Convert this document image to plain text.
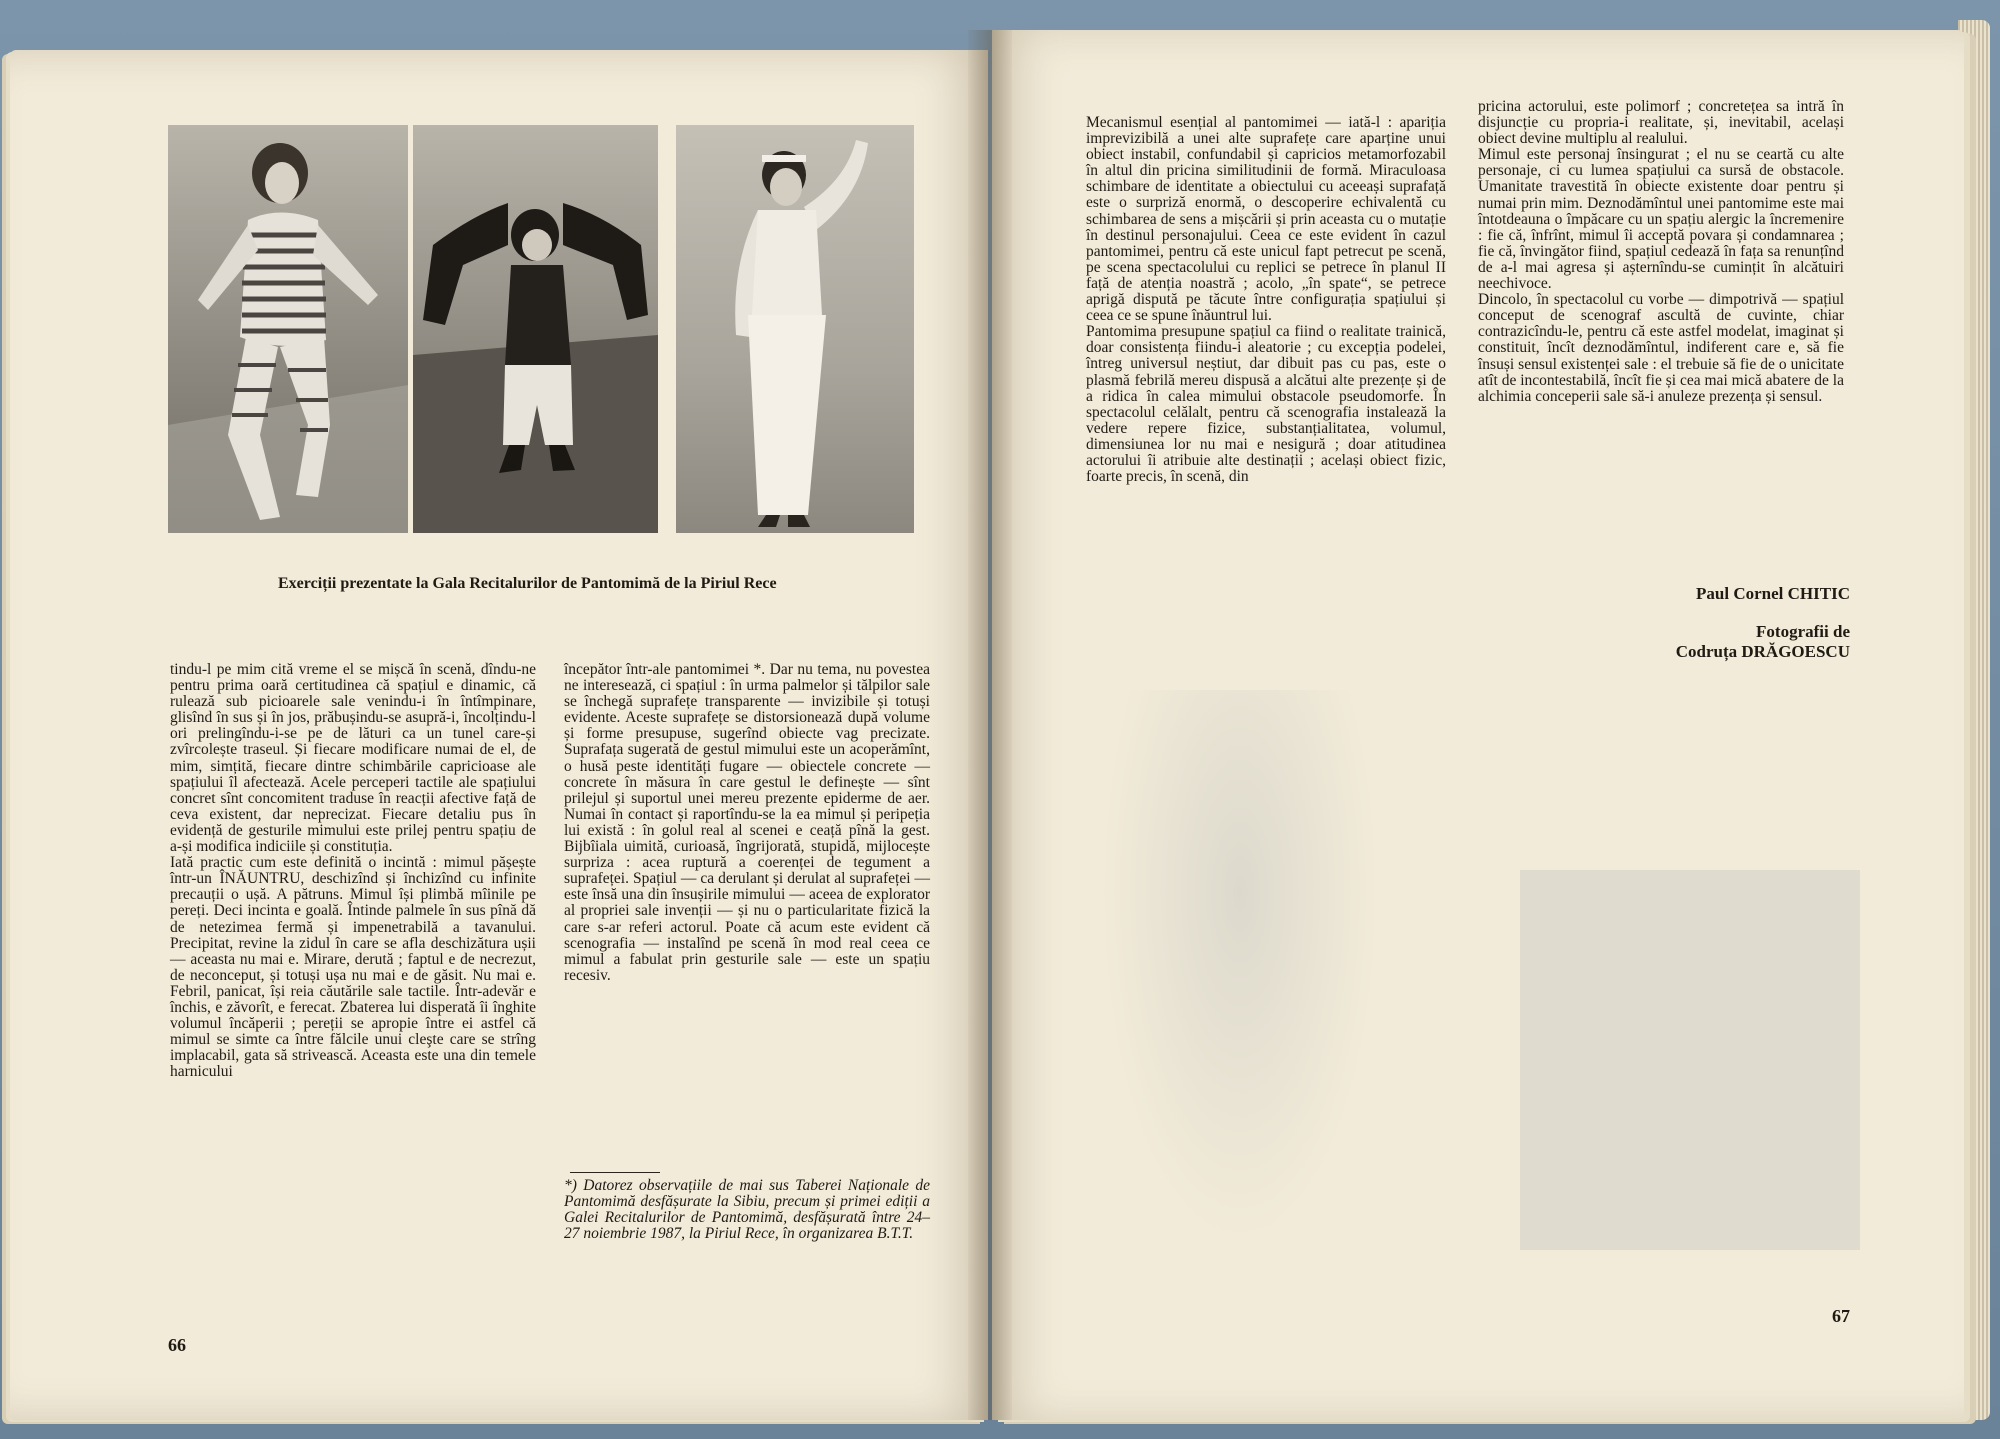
Exerciții prezentate la Gala Recitalurilor de Pantomimă de la Piriul Rece
tindu-l pe mim cită vreme el se mișcă în scenă, dîndu-ne pentru prima oară certitudinea că spațiul e dinamic, că rulează sub picioarele sale venindu-i în întîmpinare, glisînd în sus și în jos, prăbușindu-se asupră-i, încolțindu-l ori prelingîndu-i-se pe de lături ca un tunel care-și zvîrcolește traseul. Și fiecare modificare numai de el, de mim, simțită, fiecare dintre schimbările capricioase ale spațiului îl afectează. Acele perceperi tactile ale spațiului concret sînt concomitent traduse în reacții afective față de ceva existent, dar neprecizat. Fiecare detaliu pus în evidență de gesturile mimului este prilej pentru spațiu de a-și modifica indiciile și constituția.
Iată practic cum este definită o incintă : mimul pășește într-un ÎNĂUNTRU, deschizînd și închizînd cu infinite precauții o ușă. A pătruns. Mimul își plimbă mîinile pe pereți. Deci incinta e goală. Întinde palmele în sus pînă dă de netezimea fermă și impenetrabilă a tavanului. Precipitat, revine la zidul în care se afla deschizătura ușii — aceasta nu mai e. Mirare, derută ; faptul e de necrezut, de neconceput, și totuși ușa nu mai e de găsit. Nu mai e. Febril, panicat, își reia căutările sale tactile. Într-adevăr e închis, e zăvorît, e ferecat. Zbaterea lui disperată îi înghite volumul încăperii ; pereții se apropie între ei astfel că mimul se simte ca între fălcile unui cleşte care se strîng implacabil, gata să strivească. Aceasta este una din temele harnicului
începător într-ale pantomimei *. Dar nu tema, nu povestea ne interesează, ci spațiul : în urma palmelor și tălpilor sale se închegă suprafețe transparente — invizibile și totuși evidente. Aceste suprafețe se distorsionează după volume și forme presupuse, sugerînd obiecte vag precizate. Suprafața sugerată de gestul mimului este un acoperămînt, o husă peste identități fugare — obiectele concrete — concrete în măsura în care gestul le definește — sînt prilejul și suportul unei mereu prezente epiderme de aer. Numai în contact și raportîndu-se la ea mimul și peripeția lui există : în golul real al scenei e ceață pînă la gest. Bijbîiala uimită, curioasă, îngrijorată, stupidă, mijlocește surpriza : acea ruptură a coerenței de tegument a suprafeței. Spațiul — ca derulant și derulat al suprafeței — este însă una din însușirile mimului — aceea de explorator al propriei sale invenții — și nu o particularitate fizică la care s-ar referi actorul. Poate că acum este evident că scenografia — instalînd pe scenă în mod real ceea ce mimul a fabulat prin gesturile sale — este un spațiu recesiv.
*) Datorez observațiile de mai sus Taberei Naționale de Pantomimă desfășurate la Sibiu, precum și primei ediții a Galei Recitalurilor de Pantomimă, desfășurată între 24–27 noiembrie 1987, la Piriul Rece, în organizarea B.T.T.
66
Mecanismul esențial al pantomimei — iată-l : apariția imprevizibilă a unei alte suprafețe care aparține unui obiect instabil, confundabil și capricios metamorfozabil în altul din pricina similitudinii de formă. Miraculoasa schimbare de identitate a obiectului cu aceeași suprafață este o surpriză enormă, o descoperire echivalentă cu schimbarea de sens a mișcării și prin aceasta cu o mutație în destinul personajului. Ceea ce este evident în cazul pantomimei, pentru că este unicul fapt petrecut pe scenă, pe scena spectacolului cu replici se petrece în planul II față de atenția noastră ; acolo, „în spate“, se petrece aprigă dispută pe tăcute între configurația spațiului și ceea ce se spune înăuntrul lui.
Pantomima presupune spațiul ca fiind o realitate trainică, doar consistența fiindu-i aleatorie ; cu excepția podelei, întreg universul neștiut, dar dibuit pas cu pas, este o plasmă febrilă mereu dispusă a alcătui alte prezențe și de a ridica în calea mimului obstacole pseudomorfe. În spectacolul celălalt, pentru că scenografia instalează la vedere repere fizice, substanțialitatea, volumul, dimensiunea lor nu mai e nesigură ; doar atitudinea actorului îi atribuie alte destinații ; același obiect fizic, foarte precis, în scenă, din
pricina actorului, este polimorf ; concretețea sa intră în disjuncție cu propria-i realitate, și, inevitabil, același obiect devine multiplu al realului.
Mimul este personaj însingurat ; el nu se ceartă cu alte personaje, ci cu lumea spațiului ca sursă de obstacole. Umanitate travestită în obiecte existente doar pentru și numai prin mim. Deznodămîntul unei pantomime este mai întotdeauna o împăcare cu un spațiu alergic la încremenire : fie că, înfrînt, mimul îi acceptă povara și condamnarea ; fie că, învingător fiind, spațiul cedează în fața sa renunțînd de a-l mai agresa și așternîndu-se cumințit în alcătuiri neechivoce.
Dincolo, în spectacolul cu vorbe — dimpotrivă — spațiul conceput de scenograf ascultă de cuvinte, chiar contrazicîndu-le, pentru că este astfel modelat, imaginat și constituit, încît deznodămîntul, indiferent care e, să fie însuși sensul existenței sale : el trebuie să fie de o unicitate atît de incontestabilă, încît fie și cea mai mică abatere de la alchimia conceperii sale să-i anuleze prezența și sensul.
Paul Cornel CHITIC
Fotografii de
Codruța DRĂGOESCU
67
